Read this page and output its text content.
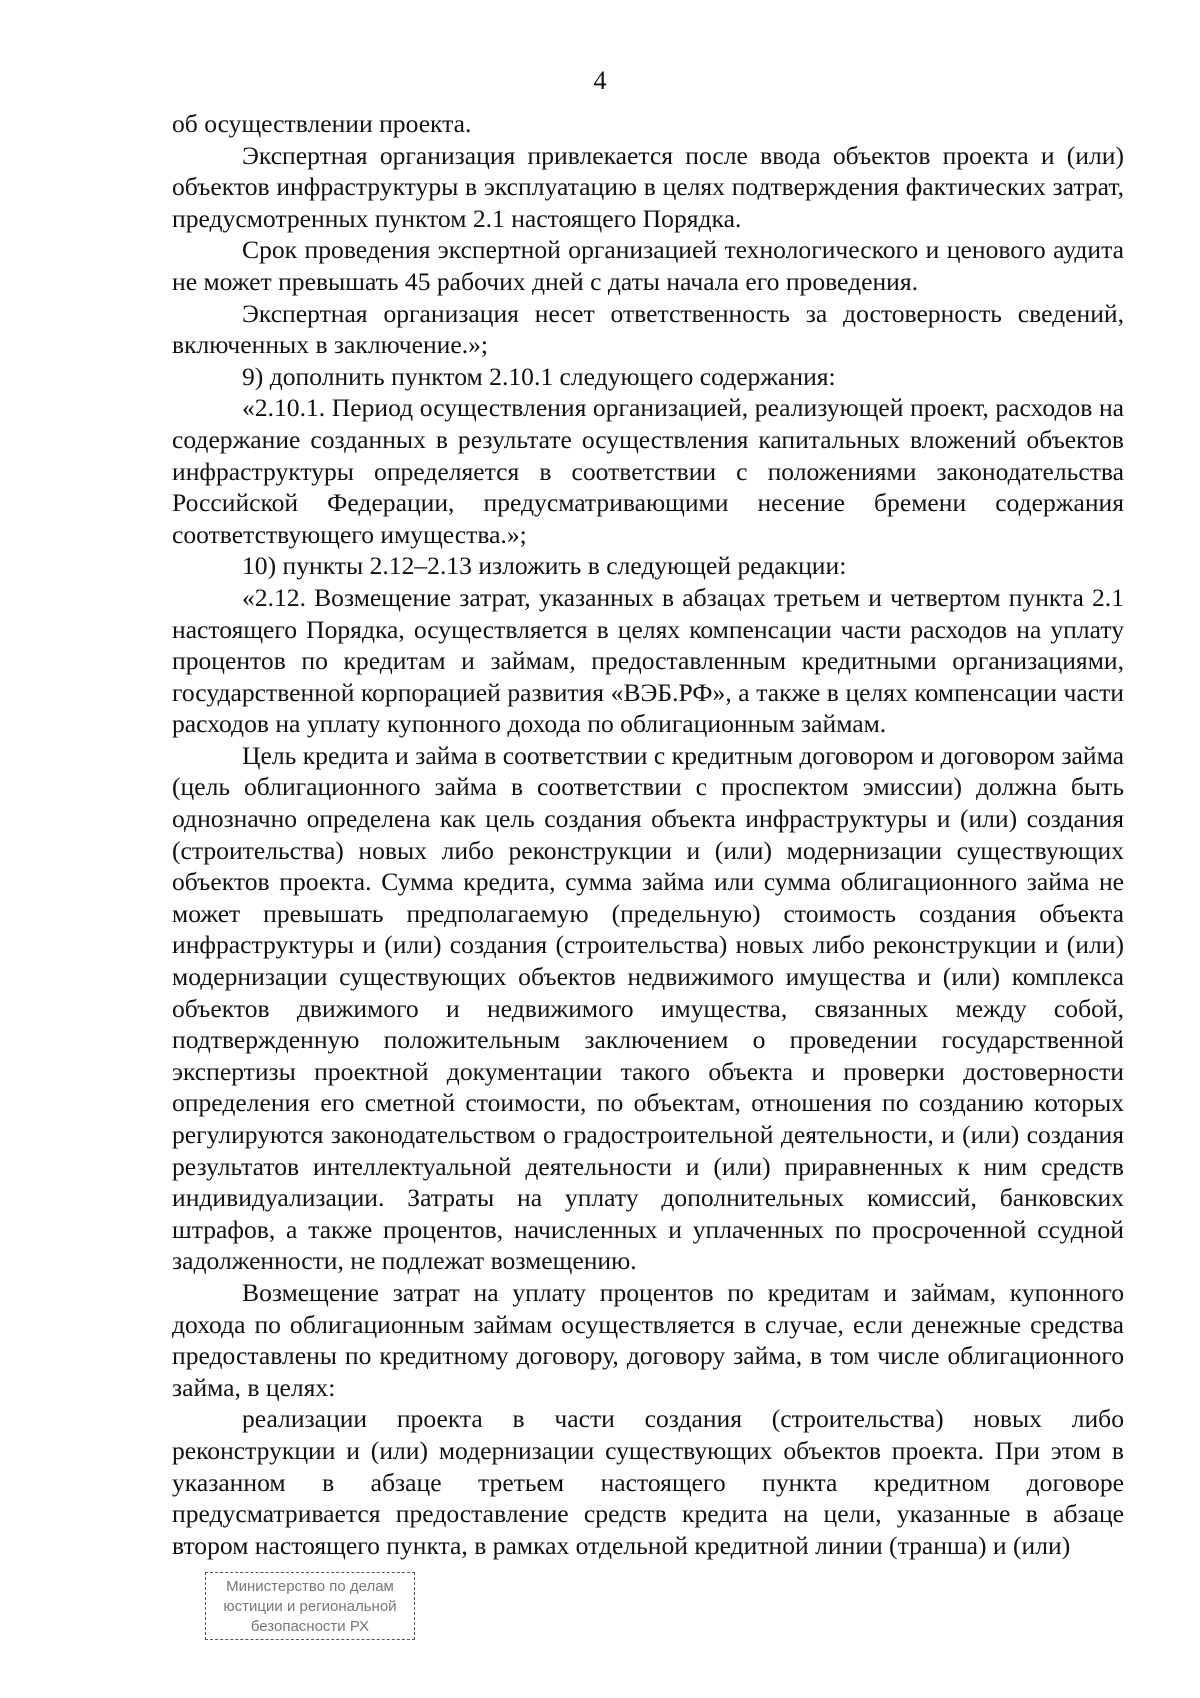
4

об осуществлении проекта.

Экспертная организация привлекается после ввода объектов проекта и (или) объектов инфраструктуры в эксплуатацию в целях подтверждения фактических затрат, предусмотренных пунктом 2.1 настоящего Порядка.

Срок проведения экспертной организацией технологического и ценового аудита не может превышать 45 рабочих дней с даты начала его проведения.

Экспертная организация несет ответственность за достоверность сведений, включенных в заключение.»;

9) дополнить пунктом 2.10.1 следующего содержания:

«2.10.1. Период осуществления организацией, реализующей проект, расходов на содержание созданных в результате осуществления капитальных вложений объектов инфраструктуры определяется в соответствии с положениями законодательства Российской Федерации, предусматривающими несение бремени содержания соответствующего имущества.»;

10) пункты 2.12–2.13 изложить в следующей редакции:

«2.12. Возмещение затрат, указанных в абзацах третьем и четвертом пункта 2.1 настоящего Порядка, осуществляется в целях компенсации части расходов на уплату процентов по кредитам и займам, предоставленным кредитными организациями, государственной корпорацией развития «ВЭБ.РФ», а также в целях компенсации части расходов на уплату купонного дохода по облигационным займам.

Цель кредита и займа в соответствии с кредитным договором и договором займа (цель облигационного займа в соответствии с проспектом эмиссии) должна быть однозначно определена как цель создания объекта инфраструктуры и (или) создания (строительства) новых либо реконструкции и (или) модернизации существующих объектов проекта. Сумма кредита, сумма займа или сумма облигационного займа не может превышать предполагаемую (предельную) стоимость создания объекта инфраструктуры и (или) создания (строительства) новых либо реконструкции и (или) модернизации существующих объектов недвижимого имущества и (или) комплекса объектов движимого и недвижимого имущества, связанных между собой, подтвержденную положительным заключением о проведении государственной экспертизы проектной документации такого объекта и проверки достоверности определения его сметной стоимости, по объектам, отношения по созданию которых регулируются законодательством о градостроительной деятельности, и (или) создания результатов интеллектуальной деятельности и (или) приравненных к ним средств индивидуализации. Затраты на уплату дополнительных комиссий, банковских штрафов, а также процентов, начисленных и уплаченных по просроченной ссудной задолженности, не подлежат возмещению.

Возмещение затрат на уплату процентов по кредитам и займам, купонного дохода по облигационным займам осуществляется в случае, если денежные средства предоставлены по кредитному договору, договору займа, в том числе облигационного займа, в целях:

реализации проекта в части создания (строительства) новых либо реконструкции и (или) модернизации существующих объектов проекта. При этом в указанном в абзаце третьем настоящего пункта кредитном договоре предусматривается предоставление средств кредита на цели, указанные в абзаце втором настоящего пункта, в рамках отдельной кредитной линии (транша) и (или)

Министерство по делам
юстиции и региональной
безопасности РХ
